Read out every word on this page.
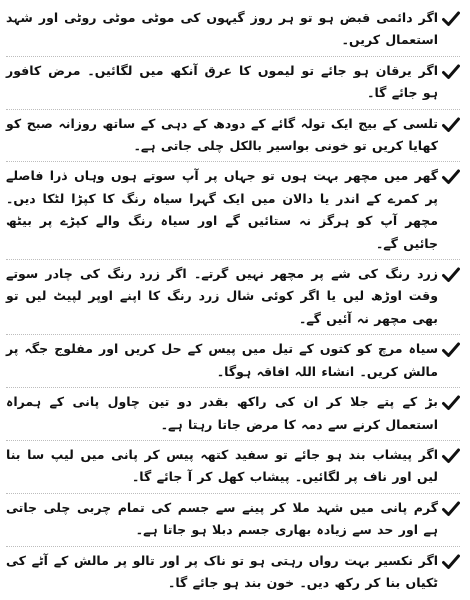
اگر دائمی قبض ہو تو ہر روز گیہوں کی موٹی موٹی روٹی اور شہد استعمال کریں۔
اگر یرقان ہو جائے تو لیموں کا عرق آنکھ میں لگائیں۔ مرض کافور ہو جائے گا۔
تلسی کے بیج ایک تولہ گائے کے دودھ کے دہی کے ساتھ روزانہ صبح کو کھایا کریں تو خونی بواسیر بالکل چلی جاتی ہے۔
گھر میں مچھر بہت ہوں تو جہاں پر آپ سوتے ہوں وہاں ذرا فاصلے پر کمرے کے اندر یا دالان میں ایک گہرا سیاہ رنگ کا کپڑا لٹکا دیں۔ مچھر آپ کو ہرگز نہ ستائیں گے اور سیاہ رنگ والے کپڑے پر بیٹھ جائیں گے۔
زرد رنگ کی شے پر مچھر نہیں گرتے۔ اگر زرد رنگ کی چادر سوتے وقت اوڑھ لیں یا اگر کوئی شال زرد رنگ کا اپنے اوپر لپیٹ لیں تو بھی مچھر نہ آئیں گے۔
سیاہ مرچ کو کتوں کے تیل میں پیس کے حل کریں اور مفلوج جگہ پر مالش کریں۔ انشاء اللہ افاقہ ہوگا۔
بڑ کے پتے جلا کر ان کی راکھ بقدر دو تین چاول پانی کے ہمراہ استعمال کرنے سے دمہ کا مرض جاتا رہتا ہے۔
اگر پیشاب بند ہو جائے تو سفید کتھہ پیس کر پانی میں لیپ سا بنا لیں اور ناف پر لگائیں۔ پیشاب کھل کر آ جائے گا۔
گرم پانی میں شہد ملا کر پینے سے جسم کی تمام چربی چلی جاتی ہے اور حد سے زیادہ بھاری جسم دبلا ہو جاتا ہے۔
اگر نکسیر بہت رواں رہتی ہو تو ناک پر اور تالو پر مالش کے آٹے کی ٹکیاں بنا کر رکھ دیں۔ خون بند ہو جائے گا۔
